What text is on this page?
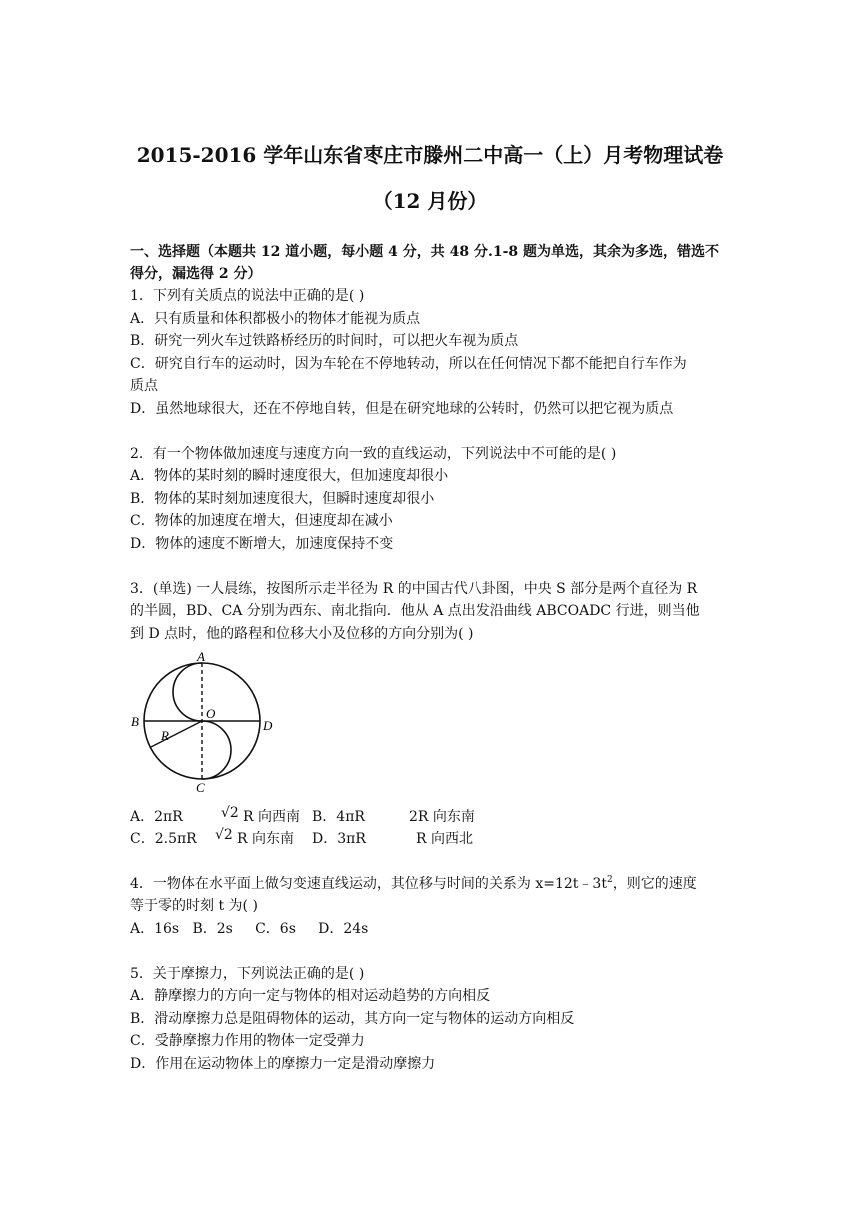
2015-2016 学年山东省枣庄市滕州二中高一（上）月考物理试卷
（12 月份）
一、选择题（本题共 12 道小题，每小题 4 分，共 48 分.1-8 题为单选，其余为多选，错选不
得分，漏选得 2 分）
1．下列有关质点的说法中正确的是( )
A．只有质量和体积都极小的物体才能视为质点
B．研究一列火车过铁路桥经历的时间时，可以把火车视为质点
C．研究自行车的运动时，因为车轮在不停地转动，所以在任何情况下都不能把自行车作为
质点
D．虽然地球很大，还在不停地自转，但是在研究地球的公转时，仍然可以把它视为质点
2．有一个物体做加速度与速度方向一致的直线运动，下列说法中不可能的是( )
A．物体的某时刻的瞬时速度很大，但加速度却很小
B．物体的某时刻加速度很大，但瞬时速度却很小
C．物体的加速度在增大，但速度却在减小
D．物体的速度不断增大，加速度保持不变
3．(单选) 一人晨练，按图所示走半径为 R 的中国古代八卦图，中央 S 部分是两个直径为 R
的半圆，BD、CA 分别为西东、南北指向．他从 A 点出发沿曲线 ABCOADC 行进，则当他
到 D 点时，他的路程和位移大小及位移的方向分别为( )
A
B
O
D
R
C
A．2πR	√2 R 向西南 B．4πR	2R 向东南
C．2.5πR √2 R 向东南 D．3πR	R 向西北
4．一物体在水平面上做匀变速直线运动，其位移与时间的关系为 $x=12t﹣3t^2$，则它的速度
等于零的时刻 t 为( )
A．16s   B．2s     C．6s     D．24s
5．关于摩擦力，下列说法正确的是( )
A．静摩擦力的方向一定与物体的相对运动趋势的方向相反
B．滑动摩擦力总是阻碍物体的运动，其方向一定与物体的运动方向相反
C．受静摩擦力作用的物体一定受弹力
D．作用在运动物体上的摩擦力一定是滑动摩擦力
